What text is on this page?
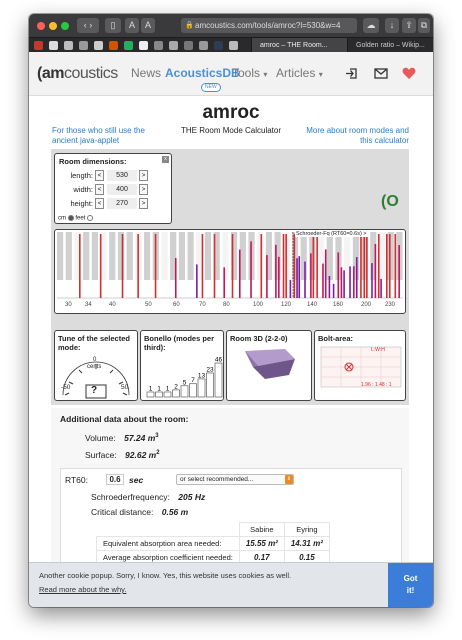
‹ ›	▯	A	A	🔒 amcoustics.com/tools/amroc?l=530&w=4	☁	↓	⇪ ⧉
amroc – THE Room...	Golden ratio – Wikip...
(amcoustics News AcousticsDB
NEW
Tools ▾ Articles ▾
amroc
THE Room Mode Calculator
For those who still use the ancient java-applet
More about room modes and this calculator
Room dimensions:	x
length: <	530	>
width: <	400	>
height: <	270	>
cm feet
(O
Schroeder-Fq (RT60=0.6s) >
30 34	40	50	60	70	80	100	120	140	160	200 230
Tune of the selected mode:
0
cents
-50	50
?
Bonello (modes per third):
1 1 1 2
5 7
13
23
46
Room 3D (2-2-0)	Bolt-area:
L:W:H
1.96 : 1.48 : 1
Additional data about the room:
Volume: 57.24 $m^3$
Surface: 92.62 $m^2$
RT60:	0.6 sec	or select recommended...	⇕
Schroederfrequency: 205 Hz
Critical distance: 0.56 m
	Sabine	Eyring
Equivalent absorption area needed:	15.55 m²	14.31 m²
Average absorption coefficient needed:	0.17	0.15
Another cookie popup. Sorry, I know. Yes, this website uses cookies as well.
Read more about the why.
Got
it!
